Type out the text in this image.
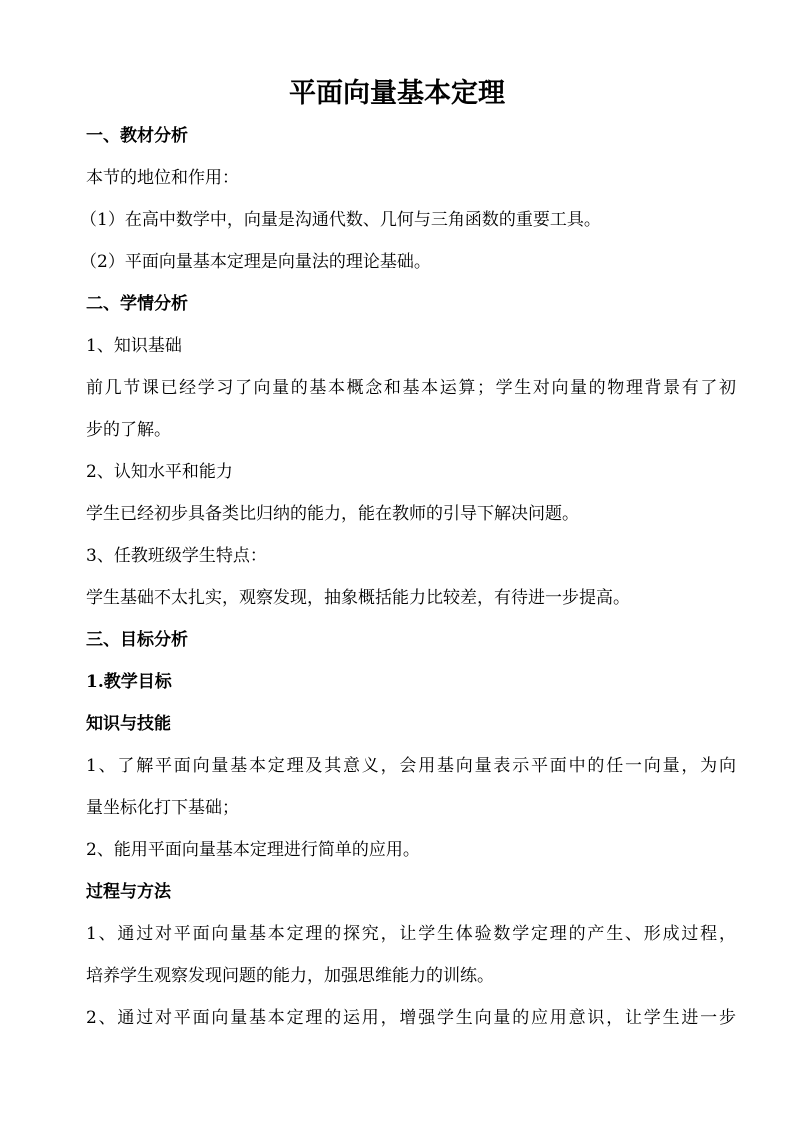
平面向量基本定理
一、教材分析
本节的地位和作用：
（1）在高中数学中，向量是沟通代数、几何与三角函数的重要工具。
（2）平面向量基本定理是向量法的理论基础。
二、学情分析
1、知识基础
前几节课已经学习了向量的基本概念和基本运算；学生对向量的物理背景有了初
步的了解。
2、认知水平和能力
学生已经初步具备类比归纳的能力，能在教师的引导下解决问题。
3、任教班级学生特点：
学生基础不太扎实，观察发现，抽象概括能力比较差，有待进一步提高。
三、目标分析
1.教学目标
知识与技能
1、了解平面向量基本定理及其意义，会用基向量表示平面中的任一向量，为向
量坐标化打下基础；
2、能用平面向量基本定理进行简单的应用。
过程与方法
1、通过对平面向量基本定理的探究，让学生体验数学定理的产生、形成过程，
培养学生观察发现问题的能力，加强思维能力的训练。
2、通过对平面向量基本定理的运用，增强学生向量的应用意识，让学生进一步
